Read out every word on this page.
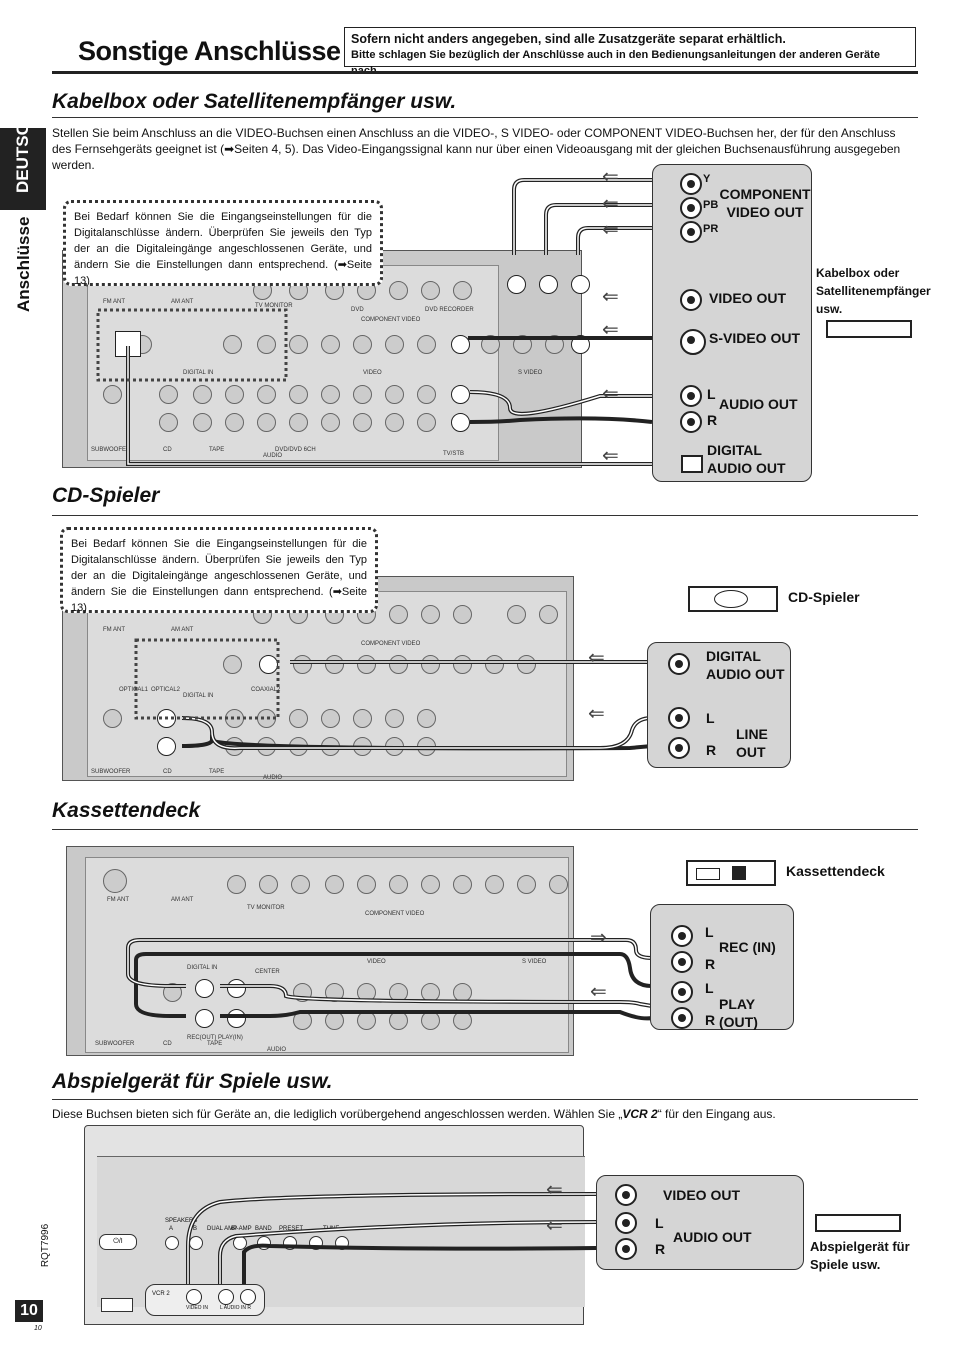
Sonstige Anschlüsse Sofern nicht anders angegeben, sind alle Zusatzgeräte separat erhältlich.
Bitte schlagen Sie bezüglich der Anschlüsse auch in den Bedienungsanleitungen der anderen Geräte
DEUTSCH
Anschlüsse
Kabelbox oder Satellitenempfänger usw.
Stellen Sie beim Anschluss an die VIDEO-Buchsen einen Anschluss an die VIDEO-, S VIDEO- oder COMPONENT VIDEO-Buchsen her, der für den Anschluss des Fernsehgeräts geeignet ist (➡Seiten 4, 5). Das Video-Eingangssignal kann nur über einen Videoausgang mit der gleichen Buchsenausführung ausgegeben werden.
FM ANT	AM ANT
TV MONITOR
DVD	DVD RECORDER
COMPONENT VIDEO
DIGITAL IN	VIDEO	S VIDEO
SUBWOOFER	CD	TAPE
AUDIO
DVD/DVD 6CH
TV/STB
⇐
⇐
⇐
⇐
⇐
⇐
⇐
Y
PB
PR
COMPONENT VIDEO OUT
VIDEO OUT
S-VIDEO OUT
L
R
AUDIO OUT
DIGITAL AUDIO OUT
Kabelbox oder Satellitenempfänger usw.
Bei Bedarf können Sie die Eingangseinstellungen für die Digitalanschlüsse ändern. Überprüfen Sie jeweils den Typ der an die Digitaleingänge angeschlossenen Geräte, und ändern Sie die Einstellungen dann entsprechend. (➡Seite 13)
CD-Spieler
FM ANT	AM ANT
COMPONENT VIDEO
DIGITAL IN
OPTICAL1 OPTICAL2	COAXIAL2
SUBWOOFER	CD	TAPE
AUDIO
⇐
⇐
DIGITAL AUDIO OUT
L
R
LINE OUT
CD-Spieler
Bei Bedarf können Sie die Eingangseinstellungen für die Digitalanschlüsse ändern. Überprüfen Sie jeweils den Typ der an die Digitaleingänge angeschlossenen Geräte, und ändern Sie die Einstellungen dann entsprechend. (➡Seite 13)
Kassettendeck
FM ANT	AM ANT
TV MONITOR
COMPONENT VIDEO
DIGITAL IN
VIDEO	S VIDEO
CENTER
SUBWOOFER	CD
REC(OUT) PLAY(IN)
TAPE
AUDIO
⇒
⇐
L
R
REC (IN)
L
R
PLAY (OUT)
Kassettendeck
Abspielgerät für Spiele usw.
Diese Buchsen bieten sich für Geräte an, die lediglich vorübergehend angeschlossen werden. Wählen Sie „VCR 2“ für den Eingang aus.
⏻/I
SPEAKERS
A	B DUAL AMP
BI-AMP BAND PRESET	TUNE
VCR 2
VIDEO IN L AUDIO IN R
⇐
⇐
VIDEO OUT
L
R
AUDIO OUT
Abspielgerät für Spiele usw.
RQT7996
10
10
